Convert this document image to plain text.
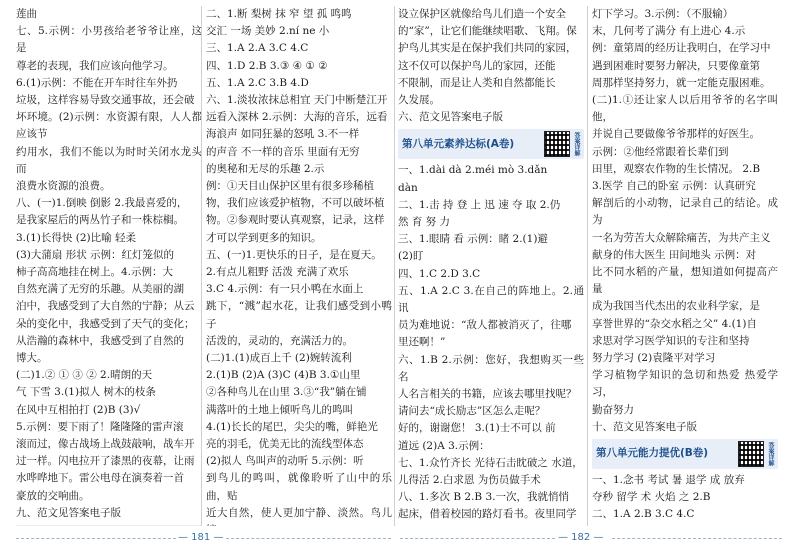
莲曲

七、5.示例：小男孩给老爷爷让座，这是

尊老的表现，我们应该向他学习。

6.(1)示例：不能在开车时往车外扔

垃圾，这样容易导致交通事故，还会破

坏环境。(2)示例：水资源有限，人人都应该节

约用水，我们不能以为时时关闭水龙头而

浪费水资源的浪费。

八、(一)1.倒映 倒影 2.我最喜爱的，

是我家屋后的两丛竹子和一株棕榈。

3.(1)长得快 (2)比喻 轻柔

(3)大蒲扇 形状 示例：红灯笼似的

柿子高高地挂在树上。4.示例：大

自然充满了无穷的乐趣。从美丽的湖

泊中，我感受到了大自然的宁静；从云

朵的变化中，我感受到了天气的变化；

从浩瀚的森林中，我感受到了自然的

博大。

(二)1.② ① ③ ② 2.晴朗的天

气 下雪 3.(1)拟人 树木的枝条

在风中互相拍打 (2)B (3)√

5.示例：要下雨了！隆隆隆的雷声滚

滚而过，像古战场上战鼓敲响，战车开

过一样。闪电拉开了漆黑的夜幕，让雨

水哗哗地下。雷公电母在演奏着一首

豪放的交响曲。

九、范文见答案电子版

二、1.断 梨树 抹 窄 望 孤 鸣鸣

交汇 一场 美妙 2.ní ne 小

三、1.A 2.A 3.C 4.C

四、1.D 2.B 3.③ ④ ① ②

五、1.A 2.C 3.B 4.D

六、1.淡妆浓抹总相宜 天门中断楚江开

远看入深林 2.示例：大海的音乐，远看

海浪声 如同狂暴的怒吼 3.不一样

的声音 不一样的音乐 里面有无穷

的奥秘和无尽的乐趣 2.示

例：①天目山保护区里有很多珍稀植

物，我们应该爱护植物，不可以破坏植

物。②参观时要认真观察，记录，这样

才可以学到更多的知识。

五、(一)1.更快乐的日子，是在夏天。

2.有点儿粗野 活泼 充满了欢乐

3.C 4.示例：有一只小鸭在水面上

跳下，“溅”起水花，让我们感受到小鸭子

活泼的，灵动的，充满活力的。

(二)1.(1)成百上千 (2)婉转流利

2.(1)B (2)A (3)C (4)B 3.①山里

②各种鸟儿在山里 3.③“我”躺在铺

满落叶的土地上倾听鸟儿的鸣叫

4.(1)长长的尾巴，尖尖的嘴，鲜艳光

亮的羽毛，优美无比的流线型体态

(2)拟人 鸟叫声的动听 5.示例：听

到鸟儿的鸣叫，就像聆听了山中的乐曲，贴

近大自然，使人更加宁静、淡然。鸟儿

设立保护区就像给鸟儿们造一个安全

的“家”，让它们能继续唱歌、飞翔。保

护鸟儿其实是在保护我们共同的家园，

这不仅可以保护鸟儿的家园，还能

不限制，而是让人类和自然都能长

久发展。

六、范文见答案电子版

第八单元素养达标(A卷)	答案详解

一、1.dài dà 2.méi mò 3.dǎn

dàn

二、1.击 持 登 上 迅 速 夺 取 2.仍

然 育 努 力

三、1.眼睛 看 示例：睹 2.(1)避

(2)盯

四、1.C 2.D 3.C

五、1.A 2.C 3.在自己的阵地上。2.通讯

员为难地说：“敌人都被消灭了，往哪

里还啊！”

六、1.B 2.示例：您好，我想购买一些名

人名言相关的书籍，应该去哪里找呢？

请问去“成长励志”区怎么走呢？

好的，谢谢您！ 3.(1)士不可以 前

道远 (2)A 3.示例：

七、1.众竹齐长 光待石击眈破之 水道，

儿得活 2.白求恩 为伤员做手术

八、1.多次 B 2.B 3.一次，我就悄悄

起床，借着校园的路灯看书。夜里同学

灯下学习。3.示例：（不服输）

末，几何考了满分 有上进心 4.示

例：童第周的经历让我明白，在学习中

遇到困难时要努力解决，只要像童第

周那样坚持努力，就一定能克服困难。

(二)1.①还让家人以后用爷爷的名字叫他，

并说自己要做像爷爷那样的好医生。

示例：②他经常跟着长辈们到

田里，观察农作物的生长情况。 2.B

3.医学 自己的卧室 示例：认真研究

解剖后的小动物，记录自己的结论。成为

一名为劳苦大众解除痛苦，为共产主义

献身的伟大医生 田间地头 示例：对

比不同水稻的产量，想知道如何提高产量

成为我国当代杰出的农业科学家，是

享誉世界的“杂交水稻之父” 4.(1)自

求思对学习医学知识的专注和坚持

努力学习 (2)袁隆平对学习

学习植物学知识的急切和热爱 热爱学习，

勤奋努力

十、范文见答案电子版

第八单元能力提优(B卷)	答案详解

一、1.念书 考试 暑 退学 成 放弃

夺秒 留学 术 火焰 之 2.B

二、1.A 2.B 3.C 4.C

— 181 —	— 182 —
